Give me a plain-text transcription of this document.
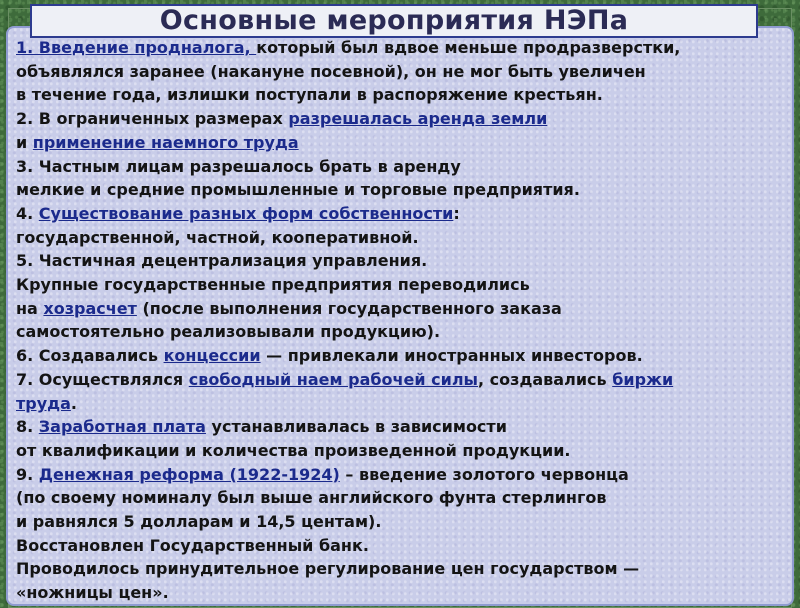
Основные мероприятия НЭПа
1. Введение продналога, который был вдвое меньше продразверстки,
объявлялся заранее (накануне посевной), он не мог быть увеличен
в течение года, излишки поступали в распоряжение крестьян.
2. В ограниченных размерах разрешалась аренда земли
и применение наемного труда
3. Частным лицам разрешалось брать в аренду
мелкие и средние промышленные и торговые предприятия.
4. Существование разных форм собственности:
государственной, частной, кооперативной.
5. Частичная децентрализация управления.
Крупные государственные предприятия переводились
на хозрасчет (после выполнения государственного заказа
самостоятельно реализовывали продукцию).
6. Создавались концессии — привлекали иностранных инвесторов.
7. Осуществлялся свободный наем рабочей силы, создавались биржи
труда.
8. Заработная плата устанавливалась в зависимости
от квалификации и количества произведенной продукции.
9. Денежная реформа (1922-1924) – введение золотого червонца
(по своему номиналу был выше английского фунта стерлингов
и равнялся 5 долларам и 14,5 центам).
Восстановлен Государственный банк.
Проводилось принудительное регулирование цен государством —
«ножницы цен».
